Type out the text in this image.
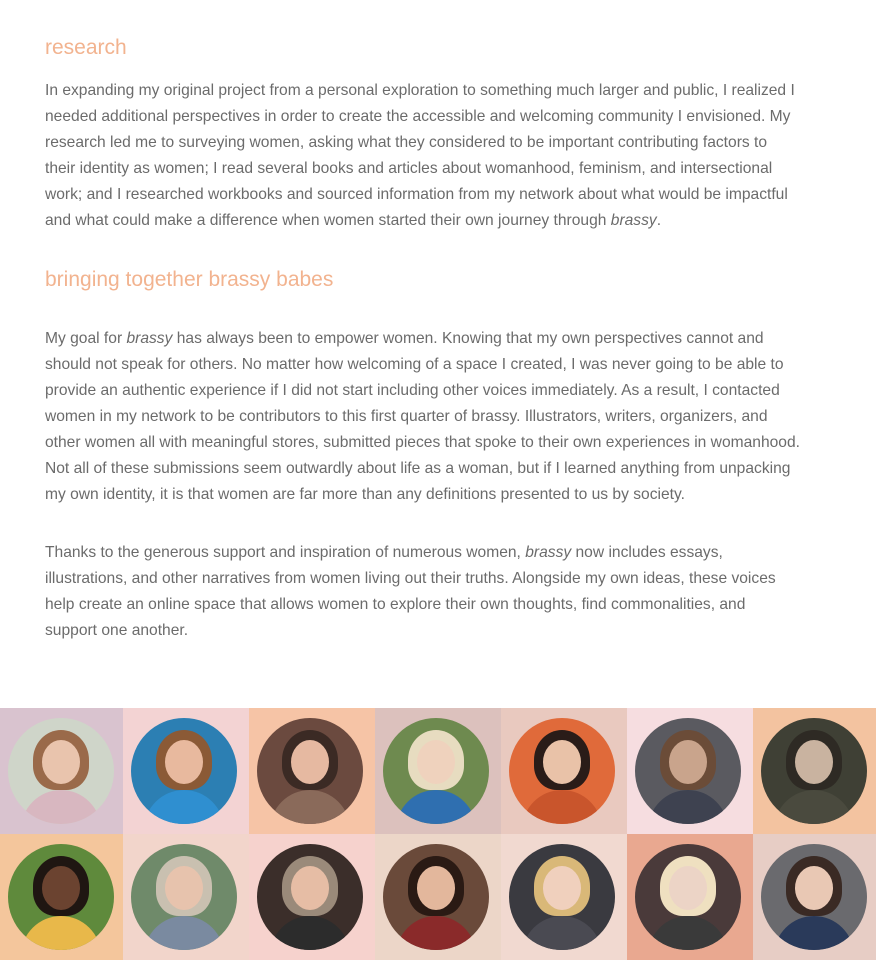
research

In expanding my original project from a personal exploration to something much larger and public, I realized I
needed additional perspectives in order to create the accessible and welcoming community I envisioned. My
research led me to surveying women, asking what they considered to be important contributing factors to
their identity as women; I read several books and articles about womanhood, feminism, and intersectional
work; and I researched workbooks and sourced information from my network about what would be impactful
and what could make a difference when women started their own journey through brassy.

bringing together brassy babes

My goal for brassy has always been to empower women. Knowing that my own perspectives cannot and
should not speak for others. No matter how welcoming of a space I created, I was never going to be able to
provide an authentic experience if I did not start including other voices immediately. As a result, I contacted
women in my network to be contributors to this first quarter of brassy. Illustrators, writers, organizers, and
other women all with meaningful stores, submitted pieces that spoke to their own experiences in womanhood.
Not all of these submissions seem outwardly about life as a woman, but if I learned anything from unpacking
my own identity, it is that women are far more than any definitions presented to us by society.

Thanks to the generous support and inspiration of numerous women, brassy now includes essays,
illustrations, and other narratives from women living out their truths. Alongside my own ideas, these voices
help create an online space that allows women to explore their own thoughts, find commonalities, and
support one another.
